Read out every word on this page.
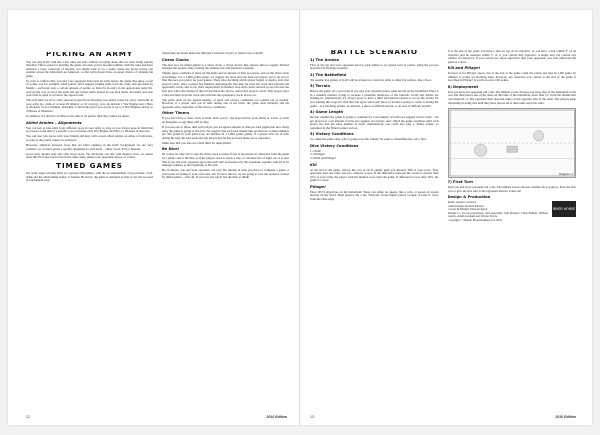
PICKING AN ARMY

You can play KaW with just a few units per side, without worrying about the two sides being equally matched. This is great for learning the game, but after you've become familiar with the rules and have amassed a large collection of models, you might want to try a game where the forces facing one another across the battlefield are balanced, so that both players have an equal chance of winning the game.

In order to achieve this, you and your opponent must pick an army before the game that agree a total of points, say for example 2,000 points. We'd suggest picking units from the army lists provided by Mantic—each unit costs a certain amount of points, as listed in its entry in the appropriate army list. Add up the cost of all of the units and any magic items picked as you pick them, and make sure that your total is equal to or below the agreed total.

The only limit we set to army selection (apart from choosing your units) is that for every 'solid unit' in your army (i.e. units of at least 20 infantry or 10 cavalry), you can include 1 War Engine and 1 Hero or Monster. So for example, including 3 solid units gives you access to up to 3 War Engines and up to 3 Heroes or Monsters.

In addition, if a unit has an allies to the unit as its parent, then they cannot be taken.

Allied Armies – Alignments

You can feel to take units from different races in your army as long as you always keep in mind that you need a solid unit of a specific race to include each War Engine and Hero or Monster of that race.

You can also join forces with your friends and play with several allied armies on either or both sides, as long as the points values are balanced.

However, alliances between races that are bitter enemies in the KaW background are not very 'realistic', so we have given a specific alignment to each army – either Good, Evil or Neutral.

Good races should only ally with Good races, but obviously can ally with Neutral races. So please don't mix Evil and Good races in the same army, unless your opponent agrees, of course.

TIMED GAMES

We really enjoy playing KaW as a relaxed atmosphere, with the accompaniment of good music, food, drink and the entertaining banter of friends. However, the game is designed so that it can also be used in tournament play.

whom may decisions make the difference between victory or defeat, life or death!

Chess Clocks

The best tool for timed games is a chess clock, a clever device that ensures time is equally divided amongst the players, thus creating the ultimate fair and balanced wargame.

Simply agree a number of turns for the game and an amount of time per player, and set the chess clock accordingly. For a 2,000 points game, we suggest six turns and one hour per player, but to up you to find the pace you prefer for your games. Then, after deciding which player begins to deploy, start that player's clock. Once a player has finished deploying the first unit, he stops his clock and activates his opponent's clock, and so on. Once deployment is finished, stop both clocks and tell to see who has the first turn. Once the winner of the roll has made his choice, restart that player's clock. That player plays a turn and then stops his clock and activates the opponent's clock, and so on.

The game ends on the agreed number of turns and victory conditions are worked out as normal. However, if a player runs out of time during one of his turns, the game ends instantly and his opponent wins, regardless of the victory conditions.

Other Timers

If you don't have a chess clock at hand, don't worry—the stopwatch in your phone or watch, or even an hourglass or egg timer will do fine.

If you use one of these, then each player gets an agreed amount of time per turn (again that how many turns the game is going to last for). We suggest that each turn should take around two to three minutes per 500 points in your game (say, six minutes in a 2,000 points game). If a player runs out of time during his turn, his turn ends and any moves that he has not been made yet is cancelled.

Make sure that you also set a time limit for deployment.

Be Nice!

Of course it's only fair to stop the chess clock or timer if one of the players is distracted from the game by a phone call or the like, or if the players need to check a rule, or calculate fire of sight, etc. It is also fine if you and your opponent agree that each turn is measured by the opponent, together with all of its damage routines, at the beginning of his turn.

By all means, you and your opponent can vary the amount of time you have to complete a game or your turns according to your own taste, but if you're like us, we are going to love the pressure created by timed games – after all, in real war one rarely has the time to think!

12	2010 Edition
BATTLE SCENARIO
1) The Armies

First of all you and your opponent need to pick armies to an agreed total of points, using the process described in 'Picking an Army'.

2) The Battlefield

We assume that games of KaW will be played on a bed-foot table or other flat surface, like a floor.

3) Terrain

Before the game, it's a good idea if you and your opponent place some terrain on the battlefield. Place it in a sensible manner, trying to recreate a plausible landscape of the fantastic world and armies are battling in. Alternatively, it's always good to have a third and neutral person to set up the terrain for you. During this stage it's vital that you agree what each piece of terrain is going to count as during the game – is it blocking terrain, an obstacle, a piece of difficult terrain, or an area of difficult terrain?

4) Game Length

Decide whether the game is going to continue for a set number of turns (we suggest twelve turns – six per player) or a set amount of time (we suggest two hours), after which the game continues until each player has had the same number of turns. Alternatively, you could also play a 'Timed Game', as explained in the Timed Games section.

5) Victory Conditions

So, when the game ends, who is going to be the winner? In order to determine that, roll a dice:

Dice Victory Conditions
1–2 Kill!
3–4 Pillage!
5–6 Kill and Pillage!
Kill

At the end of the game, add up the cost of all of enemy units you Routed. That is your score. Your opponent does the same and you compare scores. If the difference between the scores is greater than 10% of your army, the player with the highest score wins the game. If difference is less than 10%, the game is a draw.

Pillage!

Place D5+4 objectives on the battlefield. These can either be tokens, like a coin, or pieces of terrain already on the board. Both players roll a die. Whoever scores higher places a token, at least 6" away from the table edge.

If at the end of the game you have a unit on top of an objective, or you have a unit within 3" of an objective and no enemies within 3" of it, you control that objective. A single unit can control any number of objectives. If you control two more objectives than your opponent, you win, otherwise the game is a draw.

Kill and Pillage!

Proceed as for Pillage! above, but at the end of the game count the points just like in a KP game. In addition to points for Routing units, however, any objective you control at the end of the game is described in Pillage! is worth an extra 100 points.

6) Deployment

Roll you and your opponent roll a die. The highest scorer chooses one long edge of the battlefield as his own and then places one of his units on that side of the battlefield, more than 12" from the middle line (see Diagram 1). The opponent then does the same on the opposite side of the table. The players keep alternating in doing this until they have placed all of their units upon the table.

Diagram 1
7) First Turn

Both you and your opponent roll a die. The highest scorer chooses whether he is going to have the first turn or give the first turn to his opponent instead. Game on!

Design & Production
Rules: Alessio Cavatore
Game Design: Ronnie Renton
Layout & Editing: Duncan Aylett
Thanks to: all our playtesters, and especially Josh Roberts, Chris Palmer, Wilfred Guerin, Adam Graham and Wayne Doyle.
Copyright © Mantic Entertainment Ltd. 2010
RIVER HORSE
13	2010 Edition
